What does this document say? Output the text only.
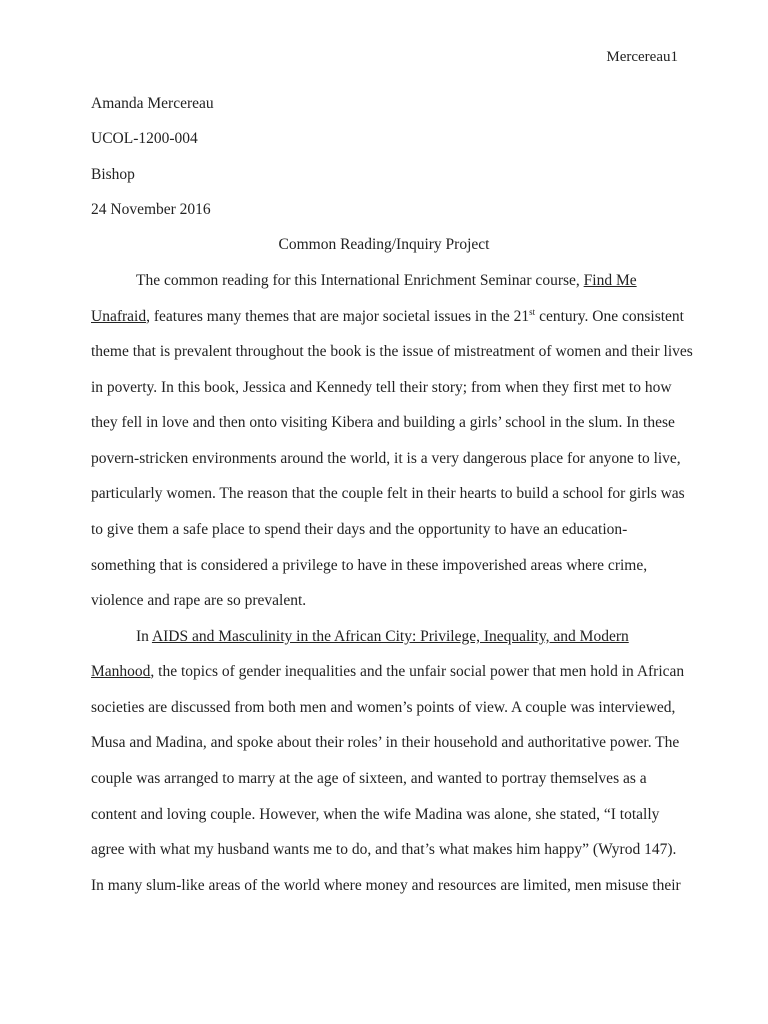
Mercereau1
Amanda Mercereau
UCOL-1200-004
Bishop
24 November 2016
Common Reading/Inquiry Project
The common reading for this International Enrichment Seminar course, Find Me
Unafraid, features many themes that are major societal issues in the 21st century. One consistent
theme that is prevalent throughout the book is the issue of mistreatment of women and their lives
in poverty. In this book, Jessica and Kennedy tell their story; from when they first met to how
they fell in love and then onto visiting Kibera and building a girls’ school in the slum. In these
povern-stricken environments around the world, it is a very dangerous place for anyone to live,
particularly women. The reason that the couple felt in their hearts to build a school for girls was
to give them a safe place to spend their days and the opportunity to have an education-
something that is considered a privilege to have in these impoverished areas where crime,
violence and rape are so prevalent.
In AIDS and Masculinity in the African City: Privilege, Inequality, and Modern
Manhood, the topics of gender inequalities and the unfair social power that men hold in African
societies are discussed from both men and women’s points of view. A couple was interviewed,
Musa and Madina, and spoke about their roles’ in their household and authoritative power. The
couple was arranged to marry at the age of sixteen, and wanted to portray themselves as a
content and loving couple. However, when the wife Madina was alone, she stated, “I totally
agree with what my husband wants me to do, and that’s what makes him happy” (Wyrod 147).
In many slum-like areas of the world where money and resources are limited, men misuse their
